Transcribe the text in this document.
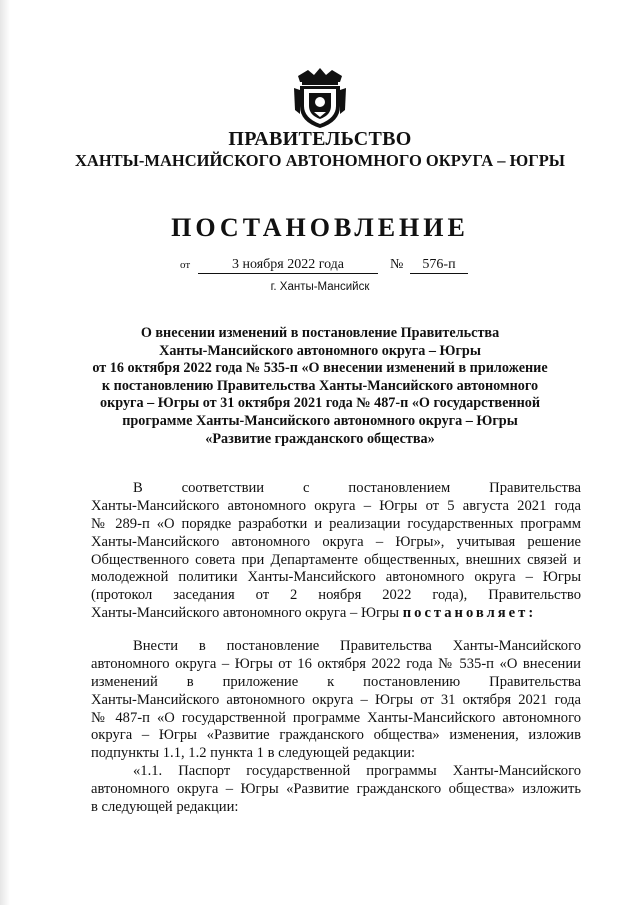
ПРАВИТЕЛЬСТВО
ХАНТЫ-МАНСИЙСКОГО АВТОНОМНОГО ОКРУГА – ЮГРЫ
ПОСТАНОВЛЕНИЕ
от	3 ноября 2022 года	№	576-п
г. Ханты-Мансийск
О внесении изменений в постановление Правительства
Ханты-Мансийского автономного округа – Югры
от 16 октября 2022 года № 535-п «О внесении изменений в приложение
к постановлению Правительства Ханты-Мансийского автономного
округа – Югры от 31 октября 2021 года № 487-п «О государственной
программе Ханты-Мансийского автономного округа – Югры
«Развитие гражданского общества»
В соответствии с постановлением Правительства
Ханты-Мансийского автономного округа – Югры от 5 августа 2021 года
№ 289-п «О порядке разработки и реализации государственных программ
Ханты-Мансийского автономного округа – Югры», учитывая решение
Общественного совета при Департаменте общественных, внешних связей и
молодежной политики Ханты-Мансийского автономного округа – Югры
(протокол заседания от 2 ноября 2022 года), Правительство
Ханты-Мансийского автономного округа – Югры постановляет:
Внести в постановление Правительства Ханты-Мансийского
автономного округа – Югры от 16 октября 2022 года № 535-п «О внесении
изменений в приложение к постановлению Правительства
Ханты-Мансийского автономного округа – Югры от 31 октября 2021 года
№ 487-п «О государственной программе Ханты-Мансийского автономного
округа – Югры «Развитие гражданского общества» изменения, изложив
подпункты 1.1, 1.2 пункта 1 в следующей редакции:
«1.1. Паспорт государственной программы Ханты-Мансийского
автономного округа – Югры «Развитие гражданского общества» изложить
в следующей редакции:
